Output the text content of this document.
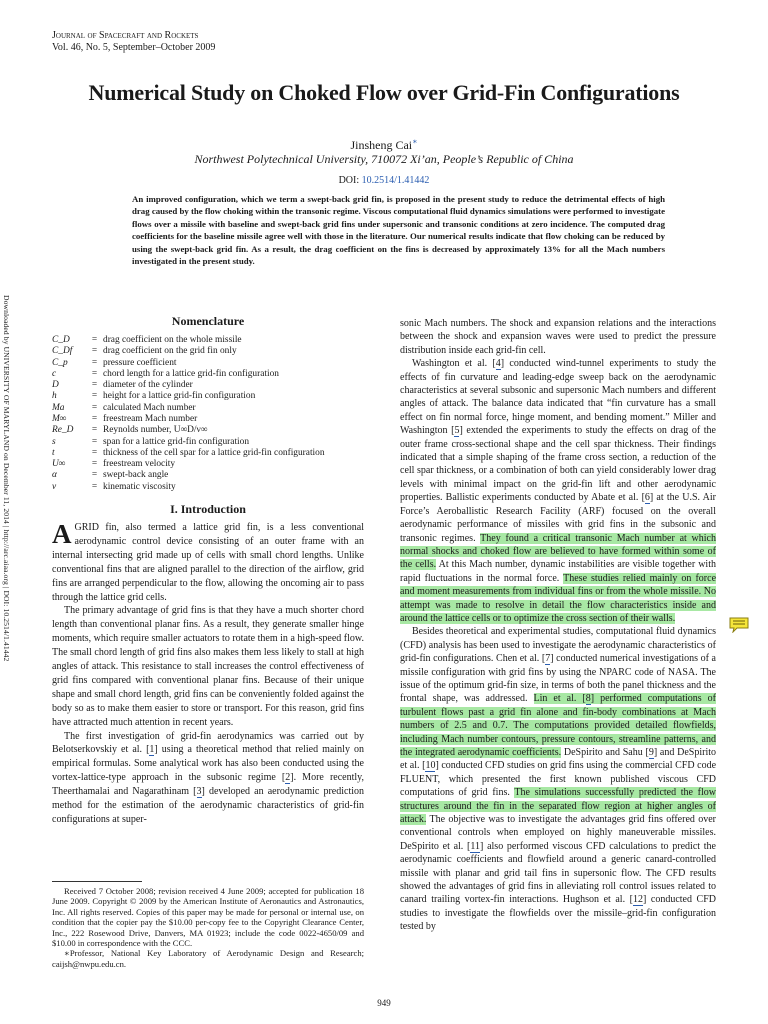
Journal of Spacecraft and Rockets
Vol. 46, No. 5, September–October 2009
Numerical Study on Choked Flow over Grid-Fin Configurations
Jinsheng Cai∗
Northwest Polytechnical University, 710072 Xi’an, People’s Republic of China
DOI: 10.2514/1.41442
An improved configuration, which we term a swept-back grid fin, is proposed in the present study to reduce the detrimental effects of high drag caused by the flow choking within the transonic regime. Viscous computational fluid dynamics simulations were performed to investigate flows over a missile with baseline and swept-back grid fins under supersonic and transonic conditions at zero incidence. The computed drag coefficients for the baseline missile agree well with those in the literature. Our numerical results indicate that flow choking can be reduced by using the swept-back grid fin. As a result, the drag coefficient on the fins is decreased by approximately 13% for all the Mach numbers investigated in the present study.
Downloaded by UNIVERSITY OF MARYLAND on December 11, 2014 | http://arc.aiaa.org | DOI: 10.2514/1.41442	Nomenclature
C_D	= drag coefficient on the whole missile
C_Df	= drag coefficient on the grid fin only
C_p	= pressure coefficient
c	= chord length for a lattice grid-fin configuration
D	= diameter of the cylinder
h	= height for a lattice grid-fin configuration
Ma	= calculated Mach number
M∞	= freestream Mach number
Re_D	= Reynolds number, U∞D/ν∞
s	= span for a lattice grid-fin configuration
t	= thickness of the cell spar for a lattice grid-fin configuration
U∞	= freestream velocity
α	= swept-back angle
ν	= kinematic viscosity
I. Introduction

AGRID fin, also termed a lattice grid fin, is a less conventional aerodynamic control device consisting of an outer frame with an internal intersecting grid made up of cells with small chord lengths. Unlike conventional fins that are aligned parallel to the direction of the airflow, grid fins are arranged perpendicular to the flow, allowing the oncoming air to pass through the lattice grid cells.

The primary advantage of grid fins is that they have a much shorter chord length than conventional planar fins. As a result, they generate smaller hinge moments, which require smaller actuators to rotate them in a high-speed flow. The small chord length of grid fins also makes them less likely to stall at high angles of attack. This resistance to stall increases the control effectiveness of grid fins compared with conventional planar fins. Because of their unique shape and small chord length, grid fins can be conveniently folded against the body so as to make them easier to store or transport. For this reason, grid fins have attracted much attention in recent years.

The first investigation of grid-fin aerodynamics was carried out by Belotserkovskiy et al. [1] using a theoretical method that relied mainly on empirical formulas. Some analytical work has also been conducted using the vortex-lattice-type approach in the subsonic regime [2]. More recently, Theerthamalai and Nagarathinam [3] developed an aerodynamic prediction method for the estimation of the aerodynamic characteristics of grid-fin configurations at super-

sonic Mach numbers. The shock and expansion relations and the interactions between the shock and expansion waves were used to predict the pressure distribution inside each grid-fin cell.

Washington et al. [4] conducted wind-tunnel experiments to study the effects of fin curvature and leading-edge sweep back on the aerodynamic characteristics at several subsonic and supersonic Mach numbers and different angles of attack. The balance data indicated that “fin curvature has a small effect on fin normal force, hinge moment, and bending moment.” Miller and Washington [5] extended the experiments to study the effects on drag of the outer frame cross-sectional shape and the cell spar thickness. Their findings indicated that a simple shaping of the frame cross section, a reduction of the cell spar thickness, or a combination of both can yield considerably lower drag levels with minimal impact on the grid-fin lift and other aerodynamic properties. Ballistic experiments conducted by Abate et al. [6] at the U.S. Air Force’s Aeroballistic Research Facility (ARF) focused on the overall aerodynamic performance of missiles with grid fins in the subsonic and transonic regimes. They found a critical transonic Mach number at which normal shocks and choked flow are believed to have formed within some of the cells. At this Mach number, dynamic instabilities are visible together with rapid fluctuations in the normal force. These studies relied mainly on force and moment measurements from individual fins or from the whole missile. No attempt was made to resolve in detail the flow characteristics inside and around the lattice cells or to optimize the cross section of their walls.

Besides theoretical and experimental studies, computational fluid dynamics (CFD) analysis has been used to investigate the aerodynamic characteristics of grid-fin configurations. Chen et al. [7] conducted numerical investigations of a missile configuration with grid fins by using the NPARC code of NASA. The issue of the optimum grid-fin size, in terms of both the panel thickness and the frontal shape, was addressed. Lin et al. [8] performed computations of turbulent flows past a grid fin alone and fin-body combinations at Mach numbers of 2.5 and 0.7. The computations provided detailed flowfields, including Mach number contours, pressure contours, streamline patterns, and the integrated aerodynamic coefficients. DeSpirito and Sahu [9] and DeSpirito et al. [10] conducted CFD studies on grid fins using the commercial CFD code FLUENT, which presented the first known published viscous CFD computations of grid fins. The simulations successfully predicted the flow structures around the fin in the separated flow region at higher angles of attack. The objective was to investigate the advantages grid fins offered over conventional controls when employed on highly maneuverable missiles. DeSpirito et al. [11] also performed viscous CFD calculations to predict the aerodynamic coefficients and flowfield around a generic canard-controlled missile with planar and grid tail fins in supersonic flow. The CFD results showed the advantages of grid fins in alleviating roll control issues related to canard trailing vortex-fin interactions. Hughson et al. [12] conducted CFD studies to investigate the flowfields over the missile–grid-fin configuration tested by

Received 7 October 2008; revision received 4 June 2009; accepted for publication 18 June 2009. Copyright © 2009 by the American Institute of Aeronautics and Astronautics, Inc. All rights reserved. Copies of this paper may be made for personal or internal use, on condition that the copier pay the $10.00 per-copy fee to the Copyright Clearance Center, Inc., 222 Rosewood Drive, Danvers, MA 01923; include the code 0022-4650/09 and $10.00 in correspondence with the CCC.

∗Professor, National Key Laboratory of Aerodynamic Design and Research; caijsh@nwpu.edu.cn.

949
